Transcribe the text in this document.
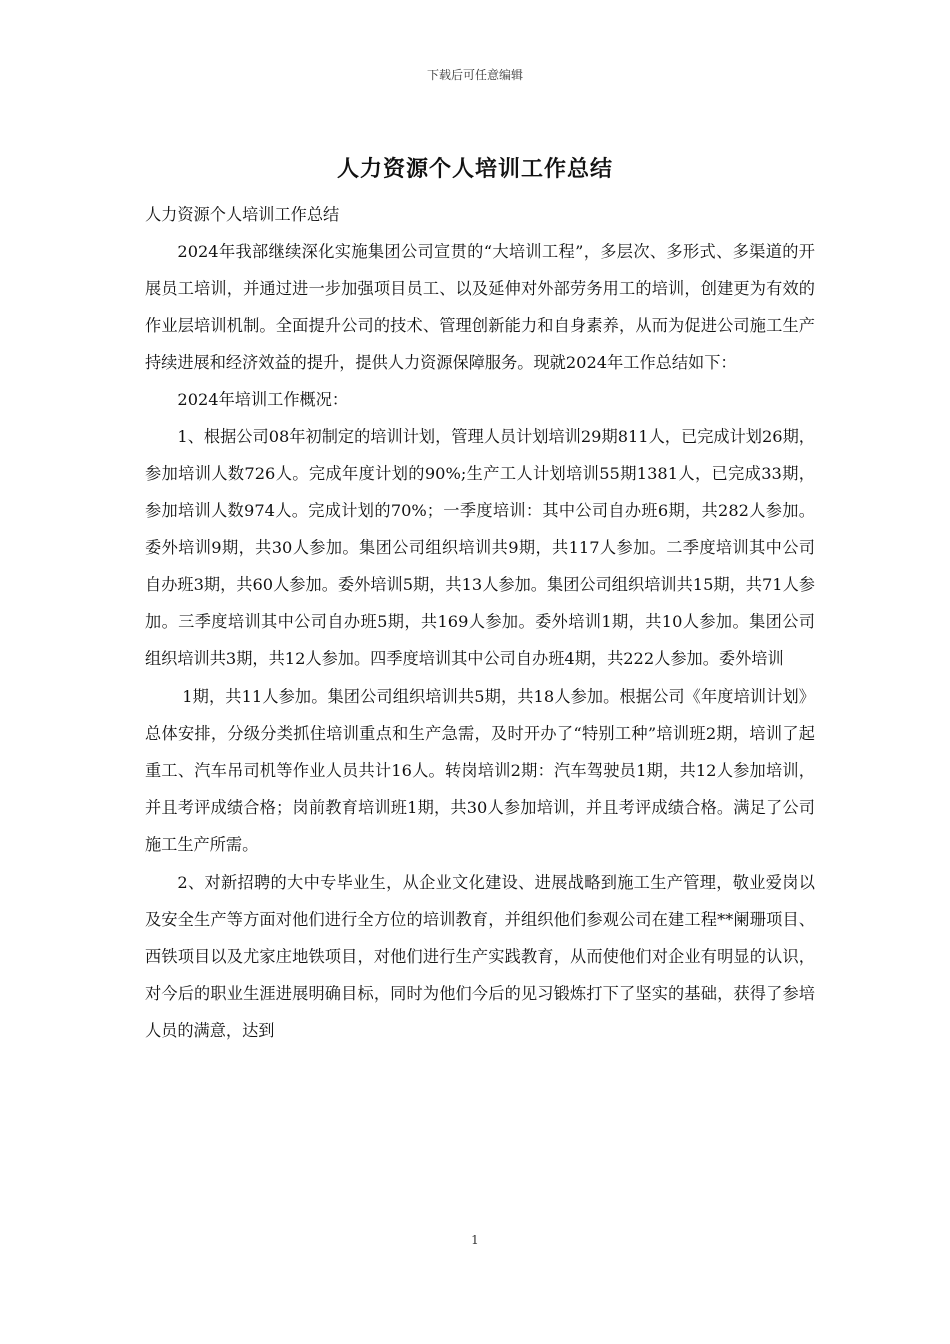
下载后可任意编辑
人力资源个人培训工作总结

人力资源个人培训工作总结

2024年我部继续深化实施集团公司宣贯的“大培训工程”，多层次、多形式、多渠道的开展员工培训，并通过进一步加强项目员工、以及延伸对外部劳务用工的培训，创建更为有效的作业层培训机制。全面提升公司的技术、管理创新能力和自身素养，从而为促进公司施工生产持续进展和经济效益的提升，提供人力资源保障服务。现就2024年工作总结如下：

2024年培训工作概况：

1、根据公司08年初制定的培训计划，管理人员计划培训29期811人，已完成计划26期，参加培训人数726人。完成年度计划的90%;生产工人计划培训55期1381人，已完成33期，参加培训人数974人。完成计划的70%；一季度培训：其中公司自办班6期，共282人参加。委外培训9期，共30人参加。集团公司组织培训共9期，共117人参加。二季度培训其中公司自办班3期，共60人参加。委外培训5期，共13人参加。集团公司组织培训共15期，共71人参加。三季度培训其中公司自办班5期，共169人参加。委外培训1期，共10人参加。集团公司组织培训共3期，共12人参加。四季度培训其中公司自办班4期，共222人参加。委外培训

1期，共11人参加。集团公司组织培训共5期，共18人参加。根据公司《年度培训计划》总体安排，分级分类抓住培训重点和生产急需，及时开办了“特别工种”培训班2期，培训了起重工、汽车吊司机等作业人员共计16人。转岗培训2期：汽车驾驶员1期，共12人参加培训，并且考评成绩合格；岗前教育培训班1期，共30人参加培训，并且考评成绩合格。满足了公司施工生产所需。

2、对新招聘的大中专毕业生，从企业文化建设、进展战略到施工生产管理，敬业爱岗以及安全生产等方面对他们进行全方位的培训教育，并组织他们参观公司在建工程**阑珊项目、西铁项目以及尤家庄地铁项目，对他们进行生产实践教育，从而使他们对企业有明显的认识，对今后的职业生涯进展明确目标，同时为他们今后的见习锻炼打下了坚实的基础，获得了参培人员的满意，达到

1
